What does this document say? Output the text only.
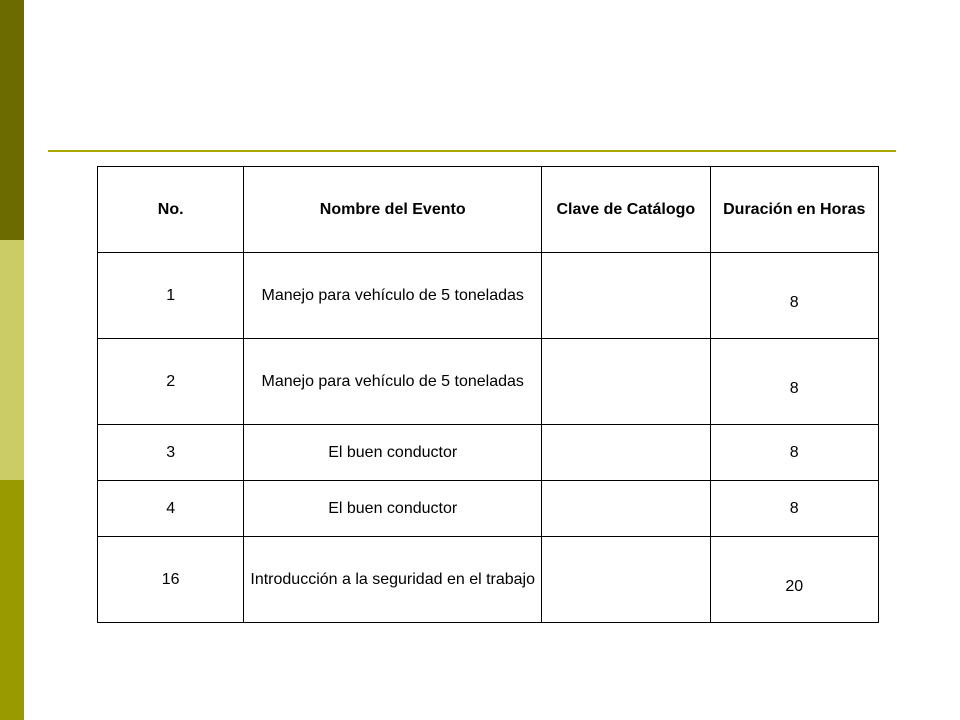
No.	Nombre del Evento	Clave de Catálogo	Duración en Horas
1	Manejo para vehículo de 5 toneladas		8
2	Manejo para vehículo de 5 toneladas		8
3	El buen conductor		8
4	El buen conductor		8
16	Introducción a la seguridad en el trabajo		20
